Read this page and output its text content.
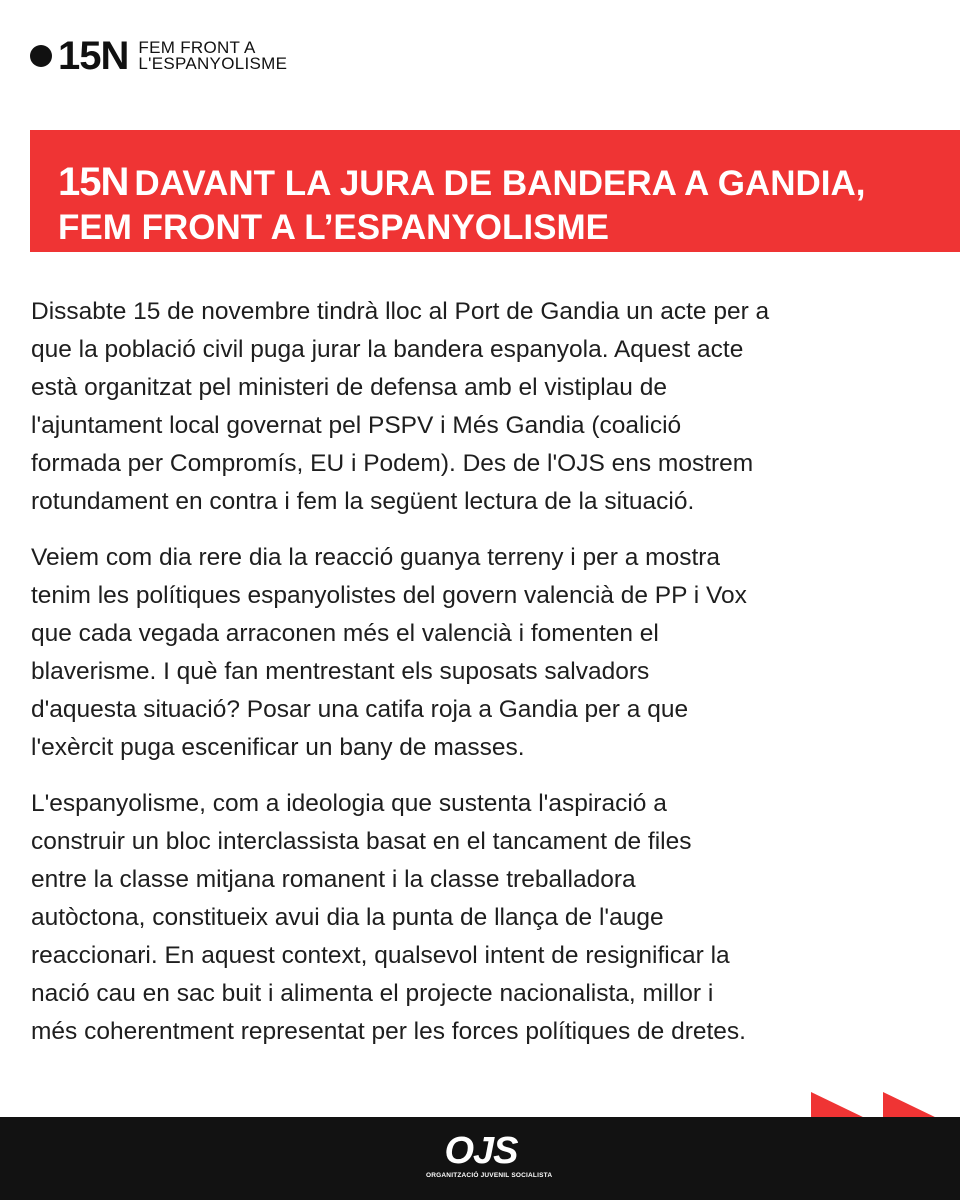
15N FEM FRONT A
L'ESPANYOLISME
15N DAVANT LA JURA DE BANDERA A GANDIA,
FEM FRONT A L’ESPANYOLISME

Dissabte 15 de novembre tindrà lloc al Port de Gandia un acte per a
que la població civil puga jurar la bandera espanyola. Aquest acte
està organitzat pel ministeri de defensa amb el vistiplau de
l'ajuntament local governat pel PSPV i Més Gandia (coalició
formada per Compromís, EU i Podem). Des de l'OJS ens mostrem
rotundament en contra i fem la següent lectura de la situació.

Veiem com dia rere dia la reacció guanya terreny i per a mostra
tenim les polítiques espanyolistes del govern valencià de PP i Vox
que cada vegada arraconen més el valencià i fomenten el
blaverisme. I què fan mentrestant els suposats salvadors
d'aquesta situació? Posar una catifa roja a Gandia per a que
l'exèrcit puga escenificar un bany de masses.

L'espanyolisme, com a ideologia que sustenta l'aspiració a
construir un bloc interclassista basat en el tancament de files
entre la classe mitjana romanent i la classe treballadora
autòctona, constitueix avui dia la punta de llança de l'auge
reaccionari. En aquest context, qualsevol intent de resignificar la
nació cau en sac buit i alimenta el projecte nacionalista, millor i
més coherentment representat per les forces polítiques de dretes.

OJS
ORGANITZACIÓ JUVENIL SOCIALISTA
